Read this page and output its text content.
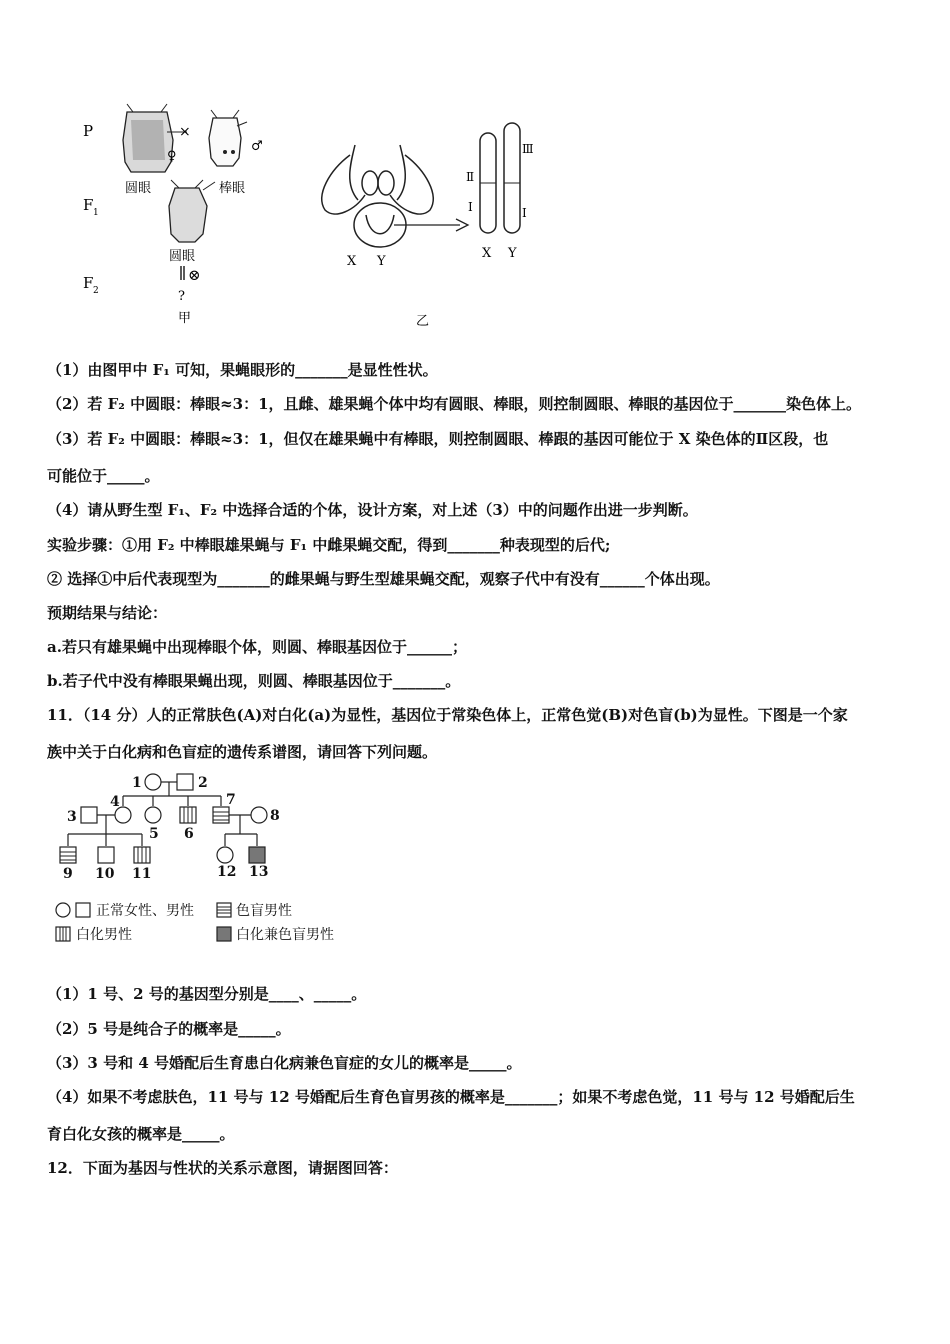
P
F 1
F 2
圆眼
×
♀
♂
棒眼
圆眼
⊗
?
甲
X Y
Ⅱ
Ⅰ
Ⅲ
Ⅰ
X Y
乙
（1）由图甲中 F₁ 可知，果蝇眼形的_______是显性性状。
（2）若 F₂ 中圆眼：棒眼≈3：1，且雌、雄果蝇个体中均有圆眼、棒眼，则控制圆眼、棒眼的基因位于_______染色体上。
（3）若 F₂ 中圆眼：棒眼≈3：1，但仅在雄果蝇中有棒眼，则控制圆眼、棒跟的基因可能位于 X 染色体的Ⅱ区段，也
可能位于_____。
（4）请从野生型 F₁、F₂ 中选择合适的个体，设计方案，对上述（3）中的问题作出进一步判断。
实验步骤：①用 F₂ 中棒眼雄果蝇与 F₁ 中雌果蝇交配，得到_______种表现型的后代;
② 选择①中后代表现型为_______的雌果蝇与野生型雄果蝇交配，观察子代中有没有______个体出现。
预期结果与结论：
a.若只有雄果蝇中出现棒眼个体，则圆、棒眼基因位于______；
b.若子代中没有棒眼果蝇出现，则圆、棒眼基因位于_______。
11．（14 分）人的正常肤色(A)对白化(a)为显性，基因位于常染色体上，正常色觉(B)对色盲(b)为显性。下图是一个家
族中关于白化病和色盲症的遗传系谱图，请回答下列问题。
1	2
3
4
5 6
7
8
9 10 11	12 13
正常女性、男性	色盲男性
白化男性	白化兼色盲男性
（1）1 号、2 号的基因型分别是____、_____。
（2）5 号是纯合子的概率是_____。
（3）3 号和 4 号婚配后生育患白化病兼色盲症的女儿的概率是_____。
（4）如果不考虑肤色，11 号与 12 号婚配后生育色盲男孩的概率是_______；如果不考虑色觉，11 号与 12 号婚配后生
育白化女孩的概率是_____。
12．下面为基因与性状的关系示意图，请据图回答：
